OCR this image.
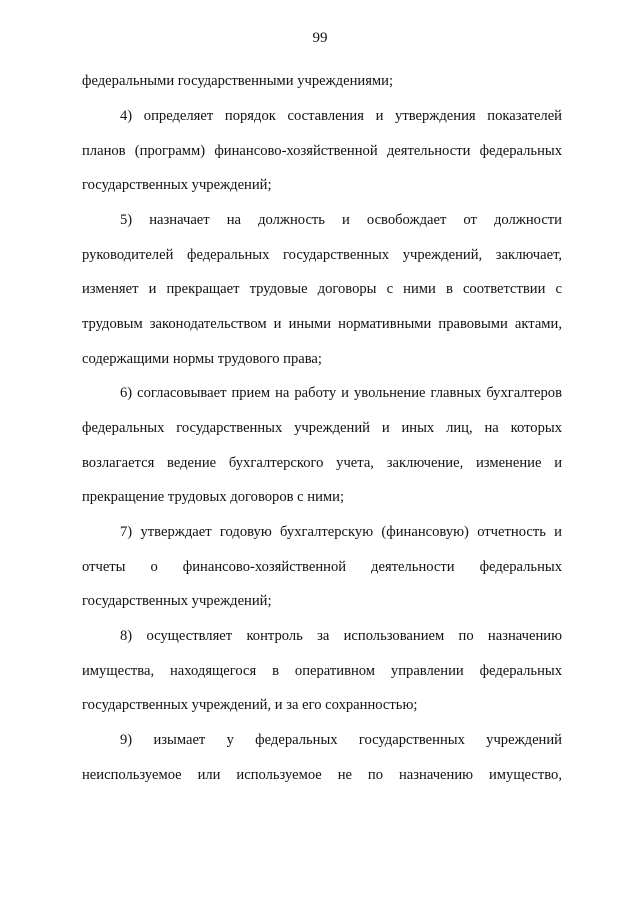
99
федеральными государственными учреждениями;
4) определяет порядок составления и утверждения показателей
планов (программ) финансово-хозяйственной деятельности федеральных
государственных учреждений;
5) назначает на должность и освобождает от должности
руководителей федеральных государственных учреждений, заключает,
изменяет и прекращает трудовые договоры с ними в соответствии с
трудовым законодательством и иными нормативными правовыми актами,
содержащими нормы трудового права;
6) согласовывает прием на работу и увольнение главных бухгалтеров
федеральных государственных учреждений и иных лиц, на которых
возлагается ведение бухгалтерского учета, заключение, изменение и
прекращение трудовых договоров с ними;
7) утверждает годовую бухгалтерскую (финансовую) отчетность и
отчеты о финансово-хозяйственной деятельности федеральных
государственных учреждений;
8) осуществляет контроль за использованием по назначению
имущества, находящегося в оперативном управлении федеральных
государственных учреждений, и за его сохранностью;
9) изымает у федеральных государственных учреждений
неиспользуемое или используемое не по назначению имущество,
